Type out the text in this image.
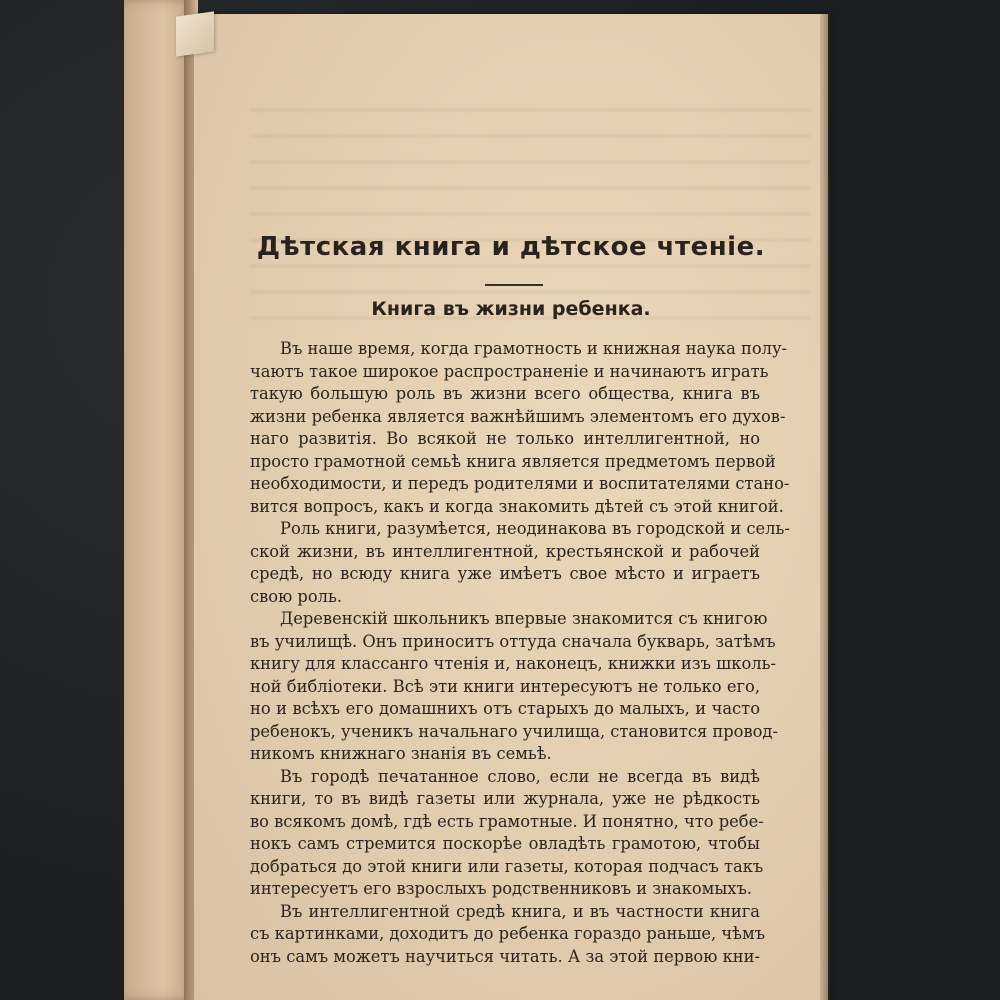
Дѣтская книга и дѣтское чтенiе.
Книга въ жизни ребенка.
Въ наше время, когда грамотность и книжная наука полу-
чаютъ такое широкое распространенiе и начинаютъ играть
такую большую роль въ жизни всего общества, книга въ
жизни ребенка является важнѣйшимъ элементомъ его духов-
наго развитiя. Во всякой не только интеллигентной, но
просто грамотной семьѣ книга является предметомъ первой
необходимости, и передъ родителями и воспитателями стано-
вится вопросъ, какъ и когда знакомить дѣтей съ этой книгой.
Роль книги, разумѣется, неодинакова въ городской и сель-
ской жизни, въ интеллигентной, крестьянской и рабочей
средѣ, но всюду книга уже имѣетъ свое мѣсто и играетъ
свою роль.
Деревенскiй школьникъ впервые знакомится съ книгою
въ училищѣ. Онъ приноситъ оттуда сначала букварь, затѣмъ
книгу для классанго чтенiя и, наконецъ, книжки изъ школь-
ной библiотеки. Всѣ эти книги интересуютъ не только его,
но и всѣхъ его домашнихъ отъ старыхъ до малыхъ, и часто
ребенокъ, ученикъ начальнаго училища, становится провод-
никомъ книжнаго знанiя въ семьѣ.
Въ городѣ печатанное слово, если не всегда въ видѣ
книги, то въ видѣ газеты или журнала, уже не рѣдкость
во всякомъ домѣ, гдѣ есть грамотные. И понятно, что ребе-
нокъ самъ стремится поскорѣе овладѣть грамотою, чтобы
добраться до этой книги или газеты, которая подчасъ такъ
интересуетъ его взрослыхъ родственниковъ и знакомыхъ.
Въ интеллигентной средѣ книга, и въ частности книга
съ картинками, доходитъ до ребенка гораздо раньше, чѣмъ
онъ самъ можетъ научиться читать. А за этой первою кни-
